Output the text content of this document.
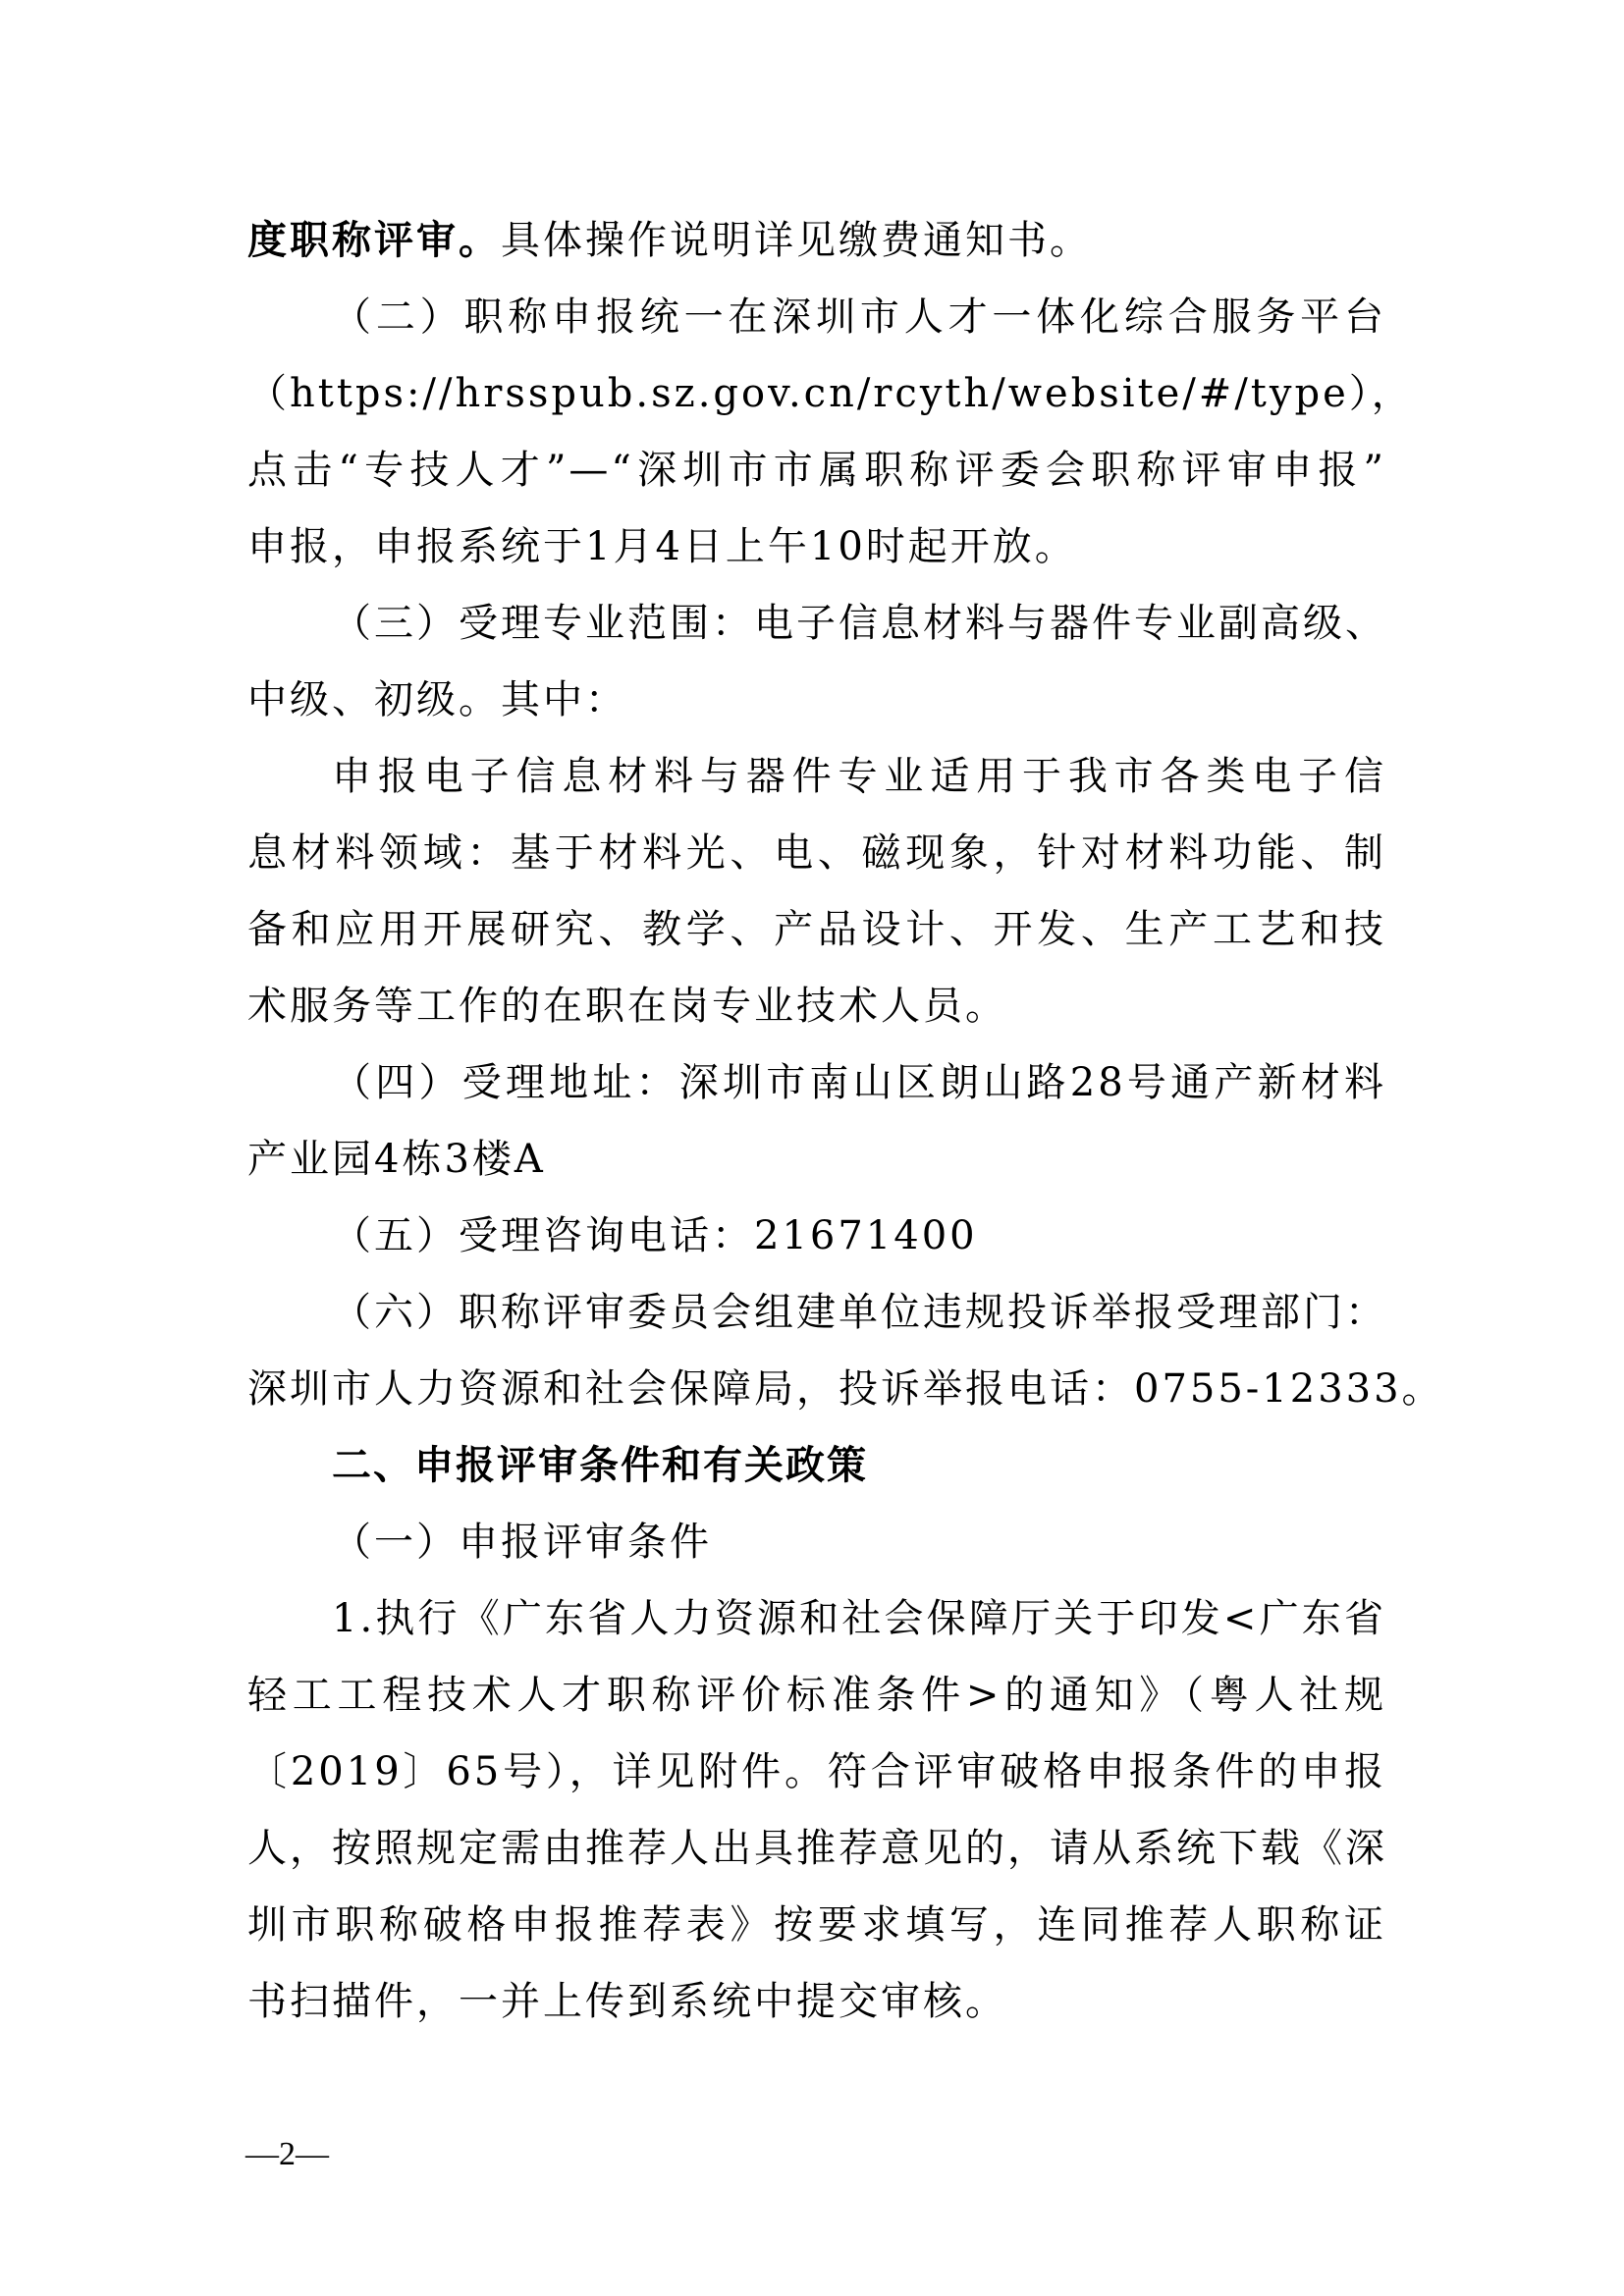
度职称评审。具体操作说明详见缴费通知书。
（二）职称申报统一在深圳市人才一体化综合服务平台
（https://hrsspub.sz.gov.cn/rcyth/website/#/type），
点击“专技人才”—“深圳市市属职称评委会职称评审申报”
申报，申报系统于1月4日上午10时起开放。
（三）受理专业范围：电子信息材料与器件专业副高级、
中级、初级。其中：
申报电子信息材料与器件专业适用于我市各类电子信
息材料领域：基于材料光、电、磁现象，针对材料功能、制
备和应用开展研究、教学、产品设计、开发、生产工艺和技
术服务等工作的在职在岗专业技术人员。
（四）受理地址：深圳市南山区朗山路28号通产新材料
产业园4栋3楼A
（五）受理咨询电话：21671400
（六）职称评审委员会组建单位违规投诉举报受理部门：
深圳市人力资源和社会保障局，投诉举报电话：0755-12333。
二、申报评审条件和有关政策
（一）申报评审条件
1.执行《广东省人力资源和社会保障厅关于印发<广东省
轻工工程技术人才职称评价标准条件>的通知》（粤人社规
〔2019〕65号），详见附件。符合评审破格申报条件的申报
人，按照规定需由推荐人出具推荐意见的，请从系统下载《深
圳市职称破格申报推荐表》按要求填写，连同推荐人职称证
书扫描件，一并上传到系统中提交审核。
—2—
